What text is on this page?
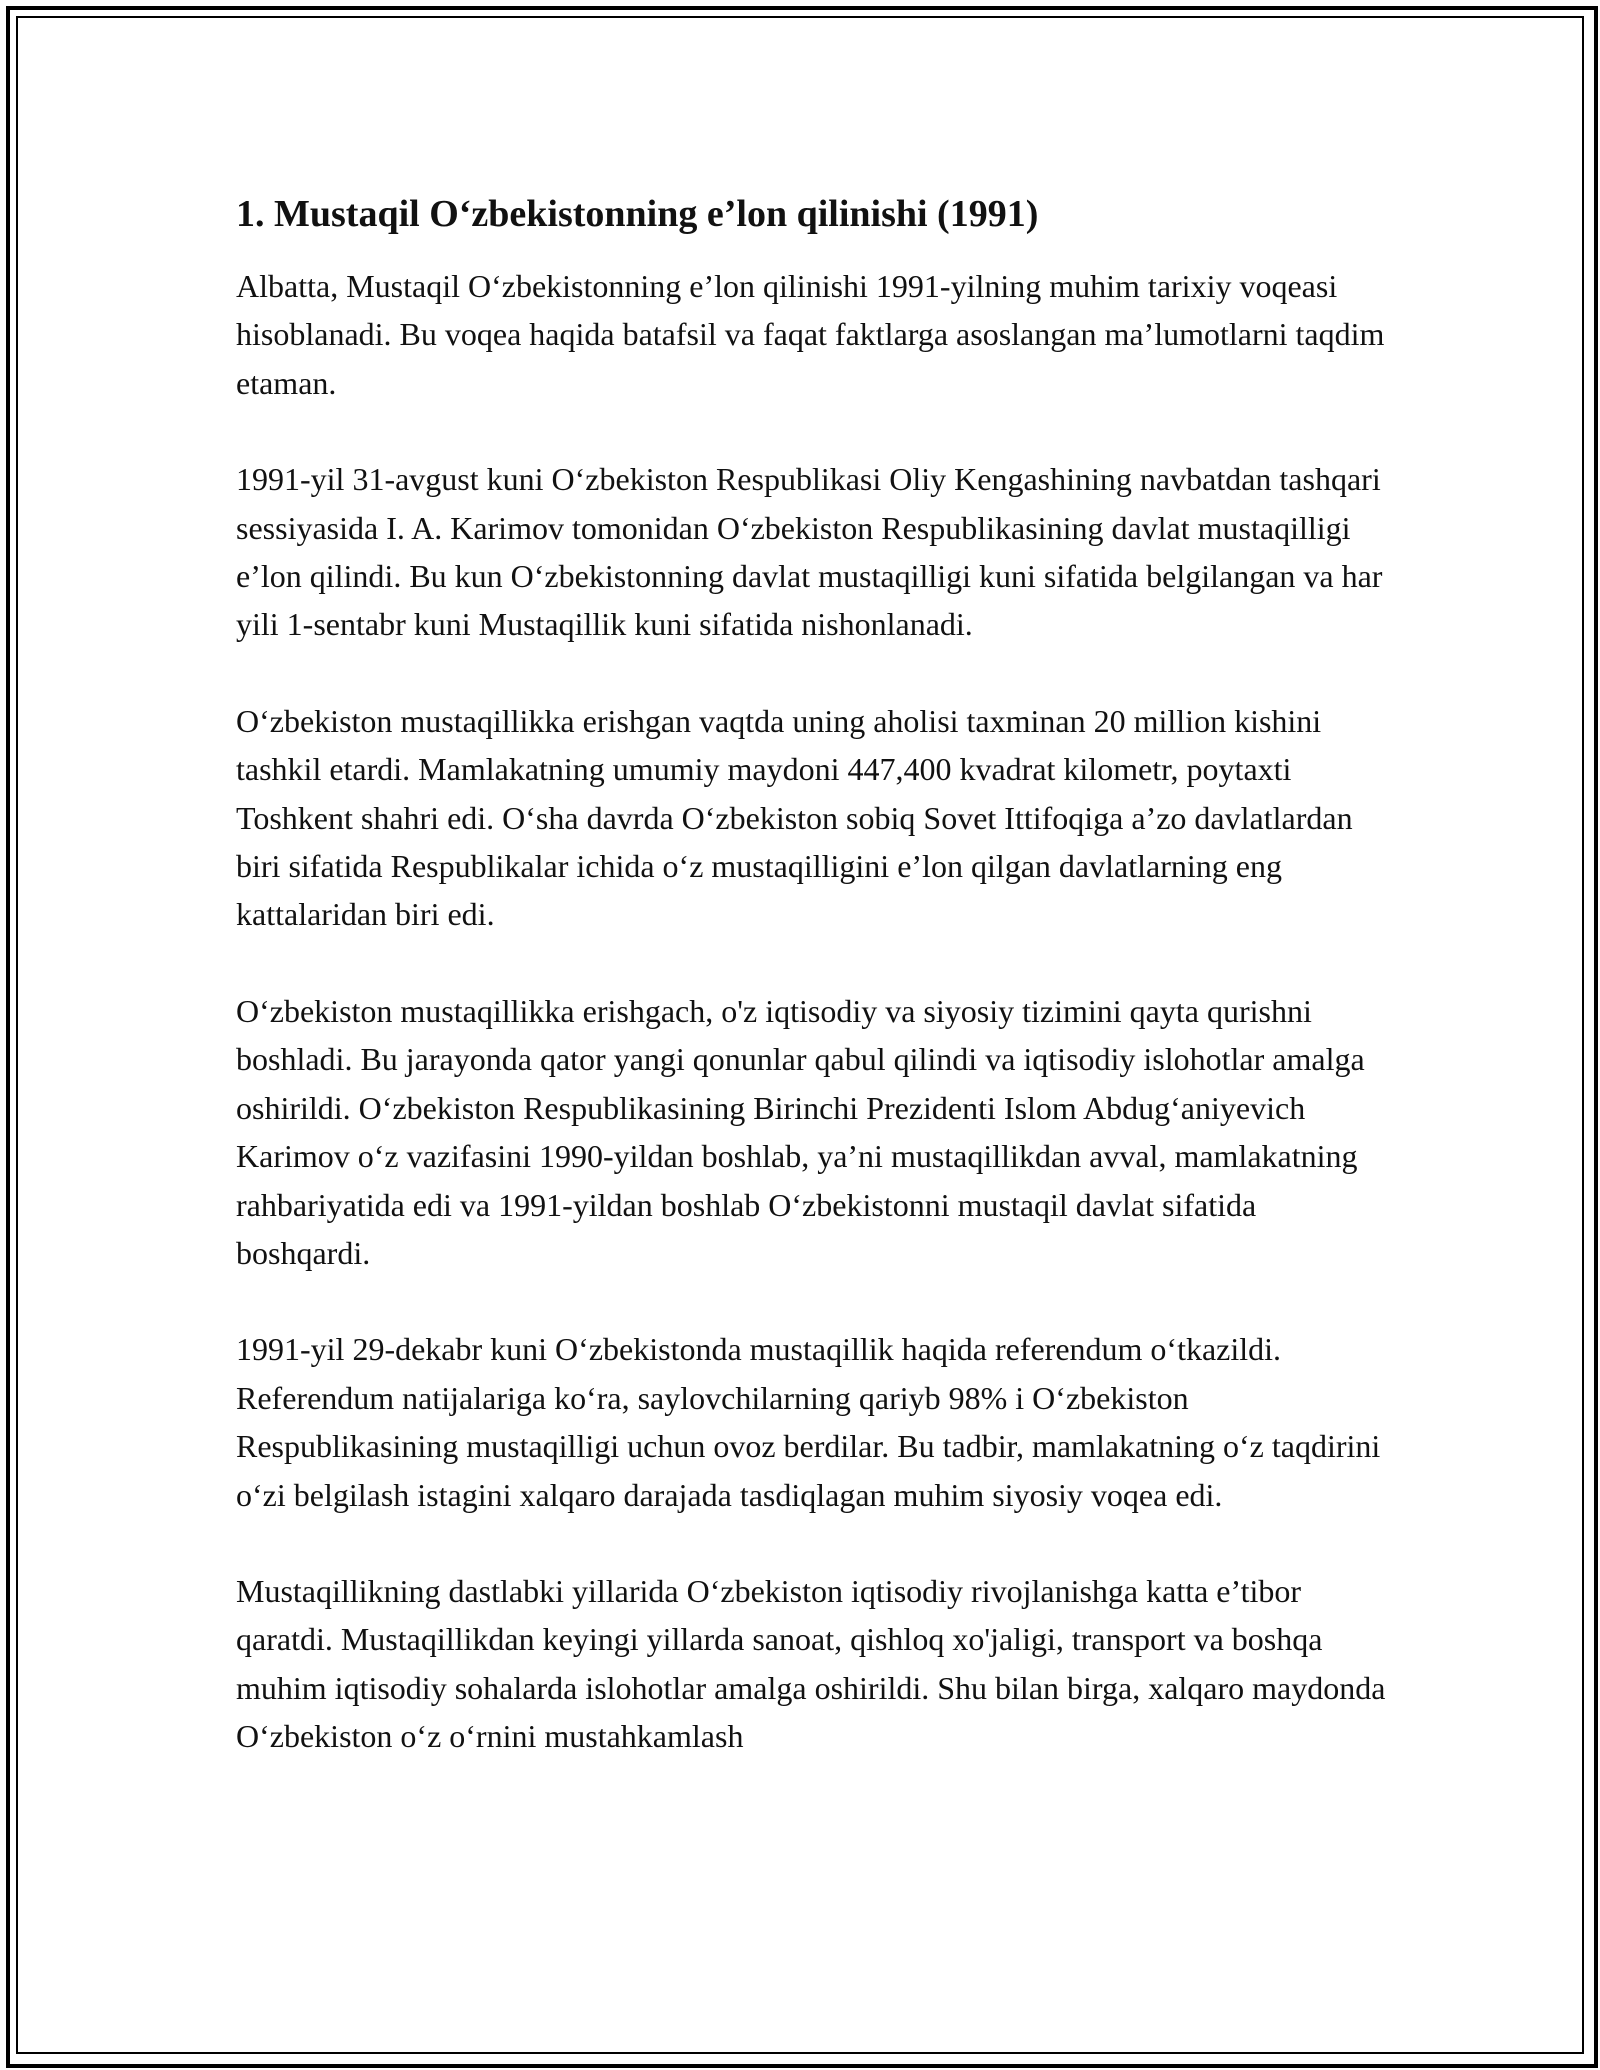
1. Mustaqil O‘zbekistonning e’lon qilinishi (1991)

Albatta, Mustaqil O‘zbekistonning e’lon qilinishi 1991-yilning muhim tarixiy voqeasi hisoblanadi. Bu voqea haqida batafsil va faqat faktlarga asoslangan ma’lumotlarni taqdim etaman.

1991-yil 31-avgust kuni O‘zbekiston Respublikasi Oliy Kengashining navbatdan tashqari sessiyasida I. A. Karimov tomonidan O‘zbekiston Respublikasining davlat mustaqilligi e’lon qilindi. Bu kun O‘zbekistonning davlat mustaqilligi kuni sifatida belgilangan va har yili 1-sentabr kuni Mustaqillik kuni sifatida nishonlanadi.

O‘zbekiston mustaqillikka erishgan vaqtda uning aholisi taxminan 20 million kishini tashkil etardi. Mamlakatning umumiy maydoni 447,400 kvadrat kilometr, poytaxti Toshkent shahri edi. O‘sha davrda O‘zbekiston sobiq Sovet Ittifoqiga a’zo davlatlardan biri sifatida Respublikalar ichida o‘z mustaqilligini e’lon qilgan davlatlarning eng kattalaridan biri edi.

O‘zbekiston mustaqillikka erishgach, o'z iqtisodiy va siyosiy tizimini qayta qurishni boshladi. Bu jarayonda qator yangi qonunlar qabul qilindi va iqtisodiy islohotlar amalga oshirildi. O‘zbekiston Respublikasining Birinchi Prezidenti Islom Abdug‘aniyevich Karimov o‘z vazifasini 1990-yildan boshlab, ya’ni mustaqillikdan avval, mamlakatning rahbariyatida edi va 1991-yildan boshlab O‘zbekistonni mustaqil davlat sifatida boshqardi.

1991-yil 29-dekabr kuni O‘zbekistonda mustaqillik haqida referendum o‘tkazildi. Referendum natijalariga ko‘ra, saylovchilarning qariyb 98% i O‘zbekiston Respublikasining mustaqilligi uchun ovoz berdilar. Bu tadbir, mamlakatning o‘z taqdirini o‘zi belgilash istagini xalqaro darajada tasdiqlagan muhim siyosiy voqea edi.

Mustaqillikning dastlabki yillarida O‘zbekiston iqtisodiy rivojlanishga katta e’tibor qaratdi. Mustaqillikdan keyingi yillarda sanoat, qishloq xo'jaligi, transport va boshqa muhim iqtisodiy sohalarda islohotlar amalga oshirildi. Shu bilan birga, xalqaro maydonda O‘zbekiston o‘z o‘rnini mustahkamlash
